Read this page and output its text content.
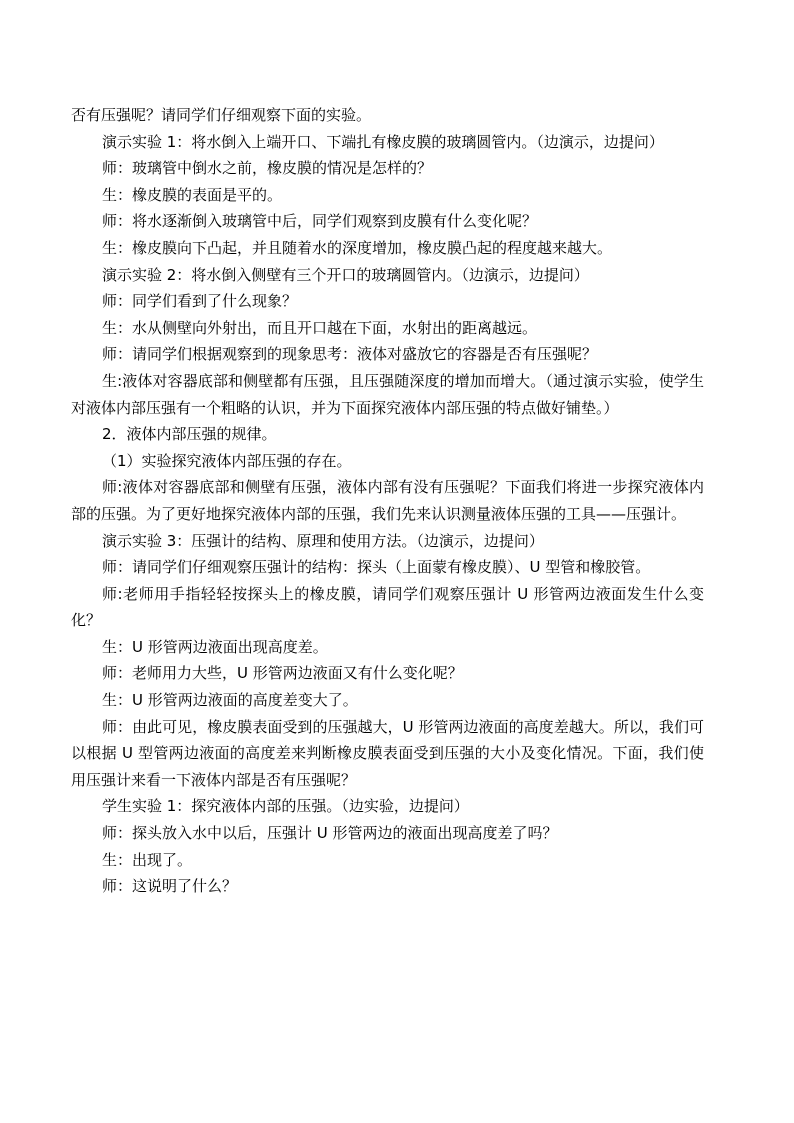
否有压强呢？请同学们仔细观察下面的实验。

演示实验 1：将水倒入上端开口、下端扎有橡皮膜的玻璃圆管内。（边演示，边提问）

师：玻璃管中倒水之前，橡皮膜的情况是怎样的？

生：橡皮膜的表面是平的。

师：将水逐渐倒入玻璃管中后，同学们观察到皮膜有什么变化呢？

生：橡皮膜向下凸起，并且随着水的深度增加，橡皮膜凸起的程度越来越大。

演示实验 2：将水倒入侧壁有三个开口的玻璃圆管内。（边演示，边提问）

师：同学们看到了什么现象？

生：水从侧壁向外射出，而且开口越在下面，水射出的距离越远。

师：请同学们根据观察到的现象思考：液体对盛放它的容器是否有压强呢？

生:液体对容器底部和侧壁都有压强，且压强随深度的增加而增大。（通过演示实验，使学生对液体内部压强有一个粗略的认识，并为下面探究液体内部压强的特点做好铺垫。）

2．液体内部压强的规律。

（1）实验探究液体内部压强的存在。

师:液体对容器底部和侧壁有压强，液体内部有没有压强呢？下面我们将进一步探究液体内部的压强。为了更好地探究液体内部的压强，我们先来认识测量液体压强的工具——压强计。

演示实验 3：压强计的结构、原理和使用方法。（边演示，边提问）

师：请同学们仔细观察压强计的结构：探头（上面蒙有橡皮膜）、U 型管和橡胶管。

师:老师用手指轻轻按探头上的橡皮膜，请同学们观察压强计 U 形管两边液面发生什么变化？

生：U 形管两边液面出现高度差。

师：老师用力大些，U 形管两边液面又有什么变化呢？

生：U 形管两边液面的高度差变大了。

师：由此可见，橡皮膜表面受到的压强越大，U 形管两边液面的高度差越大。所以，我们可以根据 U 型管两边液面的高度差来判断橡皮膜表面受到压强的大小及变化情况。下面，我们使用压强计来看一下液体内部是否有压强呢？

学生实验 1：探究液体内部的压强。（边实验，边提问）

师：探头放入水中以后，压强计 U 形管两边的液面出现高度差了吗？

生：出现了。

师：这说明了什么？
